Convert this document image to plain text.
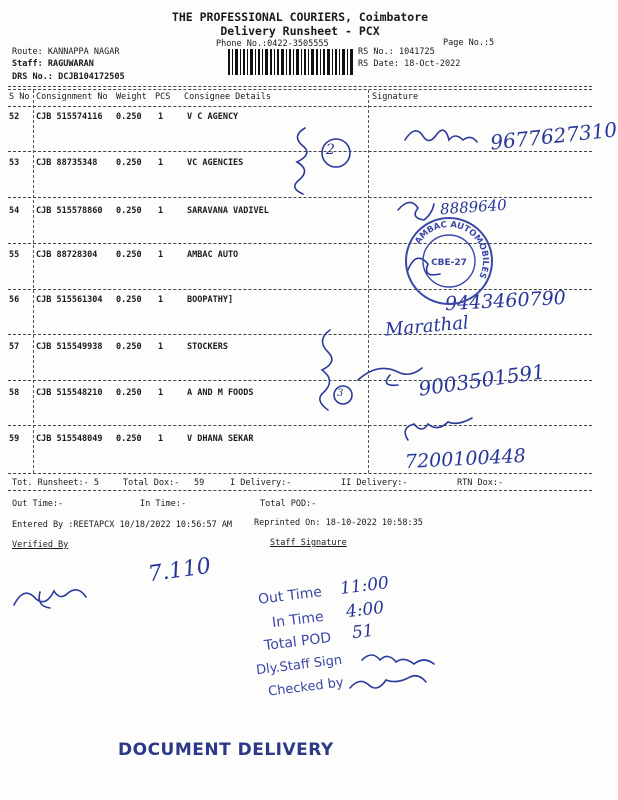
THE PROFESSIONAL COURIERS, Coimbatore
Delivery Runsheet - PCX
Phone No.:0422-3505555	Page No.:5
Route: KANNAPPA NAGAR
Staff: RAGUWARAN
DRS No.: DCJB104172505
RS No.: 1041725
RS Date: 18-Oct-2022
S No Consignment No Weight PCS Consignee Details	Signature
52 CJB 515574116 0.250 1	V C AGENCY
53 CJB 88735348 0.250 1	VC AGENCIES
54 CJB 515578860 0.250 1	SARAVANA VADIVEL
55 CJB 88728304 0.250 1	AMBAC AUTO
56 CJB 515561304 0.250 1	BOOPATHY]
57 CJB 515549938 0.250 1	STOCKERS
58 CJB 515548210 0.250 1	A AND M FOODS
59 CJB 515548049 0.250 1	V DHANA SEKAR
Tot. Runsheet:- 5	Total Dox:- 59	I Delivery:-	II Delivery:-	RTN Dox:-
Out Time:-	In Time:-	Total POD:-
Entered By :REETAPCX 10/18/2022 10:56:57 AM	Reprinted On: 18-10-2022 10:58:35
Verified By	Staff Signature
9677627310
2
8889640
9443460790
Marathal
3	9003501591
7200100448
7.110
AMBAC AUTOMOBILES
CBE-27
Out Time 11:00
In Time 4:00
Total POD 51
Dly.Staff Sign
Checked by
DOCUMENT DELIVERY
